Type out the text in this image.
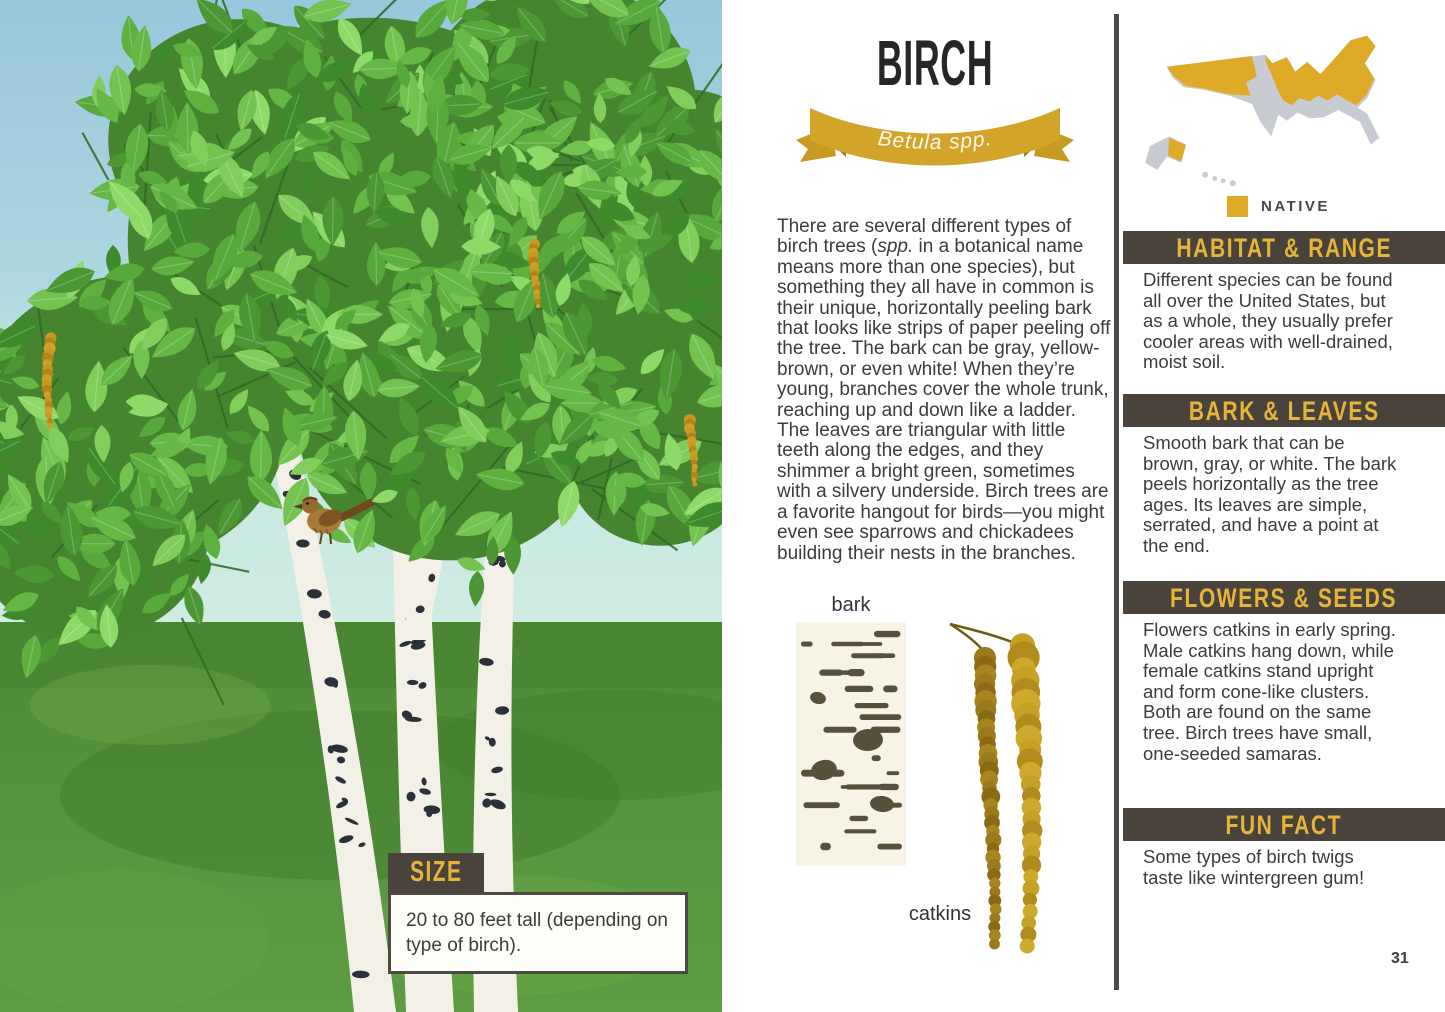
SIZE
20 to 80 feet tall (depending on type of birch).
BIRCH
Betula spp.

There are several different types of birch trees (spp. in a botanical name means more than one species), but something they all have in common is their unique, horizontally peeling bark that looks like strips of paper peeling off the tree. The bark can be gray, yellow-brown, or even white! When they’re young, branches cover the whole trunk, reaching up and down like a ladder. The leaves are triangular with little teeth along the edges, and they shimmer a bright green, sometimes with a silvery underside. Birch trees are a favorite hangout for birds—you might even see sparrows and chickadees building their nests in the branches.

bark
catkins
NATIVE
HABITAT & RANGE
Different species can be found all over the United States, but as a whole, they usually prefer cooler areas with well-drained, moist soil.
BARK & LEAVES
Smooth bark that can be brown, gray, or white. The bark peels horizontally as the tree ages. Its leaves are simple, serrated, and have a point at the end.
FLOWERS & SEEDS
Flowers catkins in early spring. Male catkins hang down, while female catkins stand upright and form cone-like clusters. Both are found on the same tree. Birch trees have small, one-seeded samaras.
FUN FACT
Some types of birch twigs taste like wintergreen gum!
31
